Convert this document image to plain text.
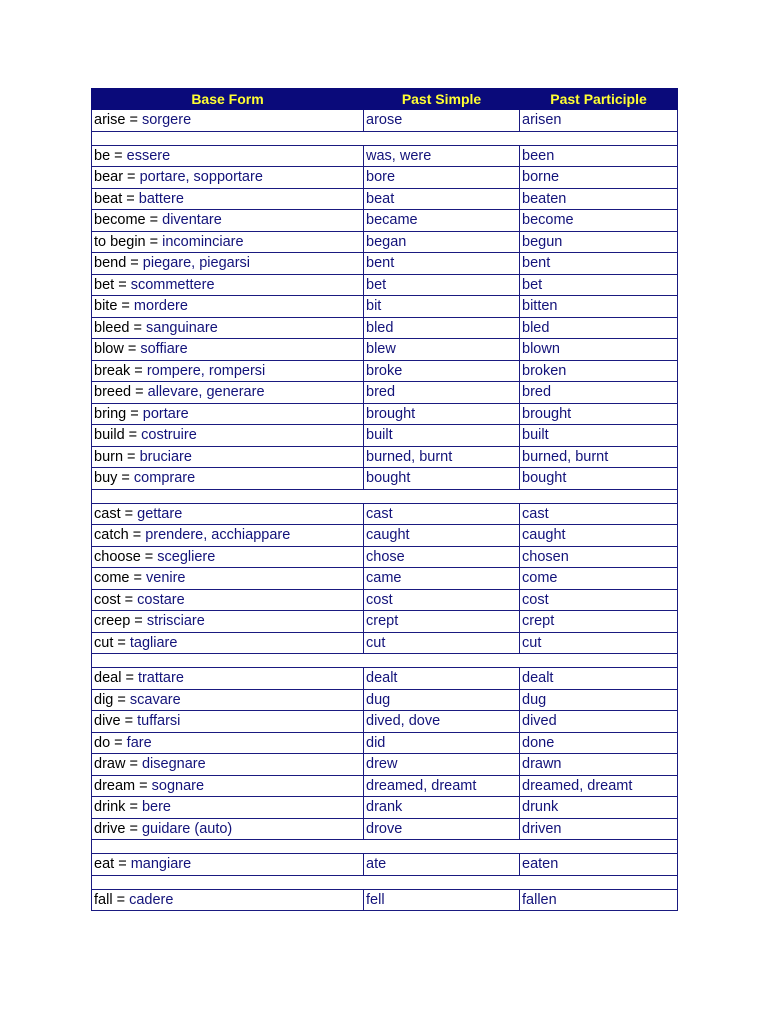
Base Form	Past Simple	Past Participle
arise = sorgere	arose	arisen

be = essere	was, were	been
bear = portare, sopportare	bore	borne
beat = battere	beat	beaten
become = diventare	became	become
to begin = incominciare	began	begun
bend = piegare, piegarsi	bent	bent
bet = scommettere	bet	bet
bite = mordere	bit	bitten
bleed = sanguinare	bled	bled
blow = soffiare	blew	blown
break = rompere, rompersi	broke	broken
breed = allevare, generare	bred	bred
bring = portare	brought	brought
build = costruire	built	built
burn = bruciare	burned, burnt	burned, burnt
buy = comprare	bought	bought

cast = gettare	cast	cast
catch = prendere, acchiappare	caught	caught
choose = scegliere	chose	chosen
come = venire	came	come
cost = costare	cost	cost
creep = strisciare	crept	crept
cut = tagliare	cut	cut

deal = trattare	dealt	dealt
dig = scavare	dug	dug
dive = tuffarsi	dived, dove	dived
do = fare	did	done
draw = disegnare	drew	drawn
dream = sognare	dreamed, dreamt	dreamed, dreamt
drink = bere	drank	drunk
drive = guidare (auto)	drove	driven

eat = mangiare	ate	eaten

fall = cadere	fell	fallen
